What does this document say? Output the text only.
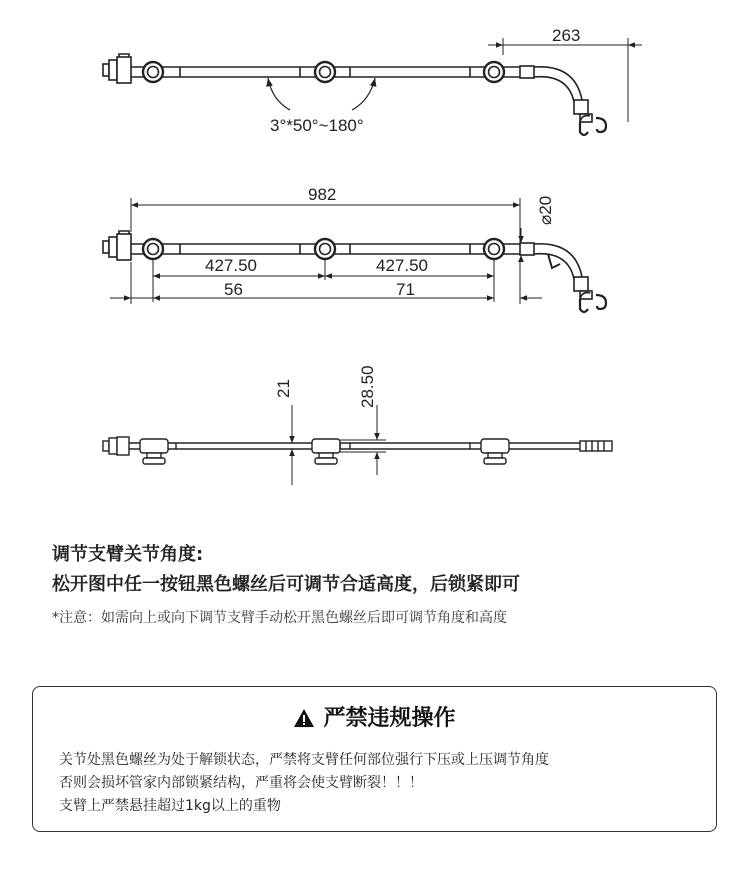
3°*50°~180°
263
982
⌀20
427.50	427.50
56	71
21	28.50
调节支臂关节角度:
松开图中任一按钮黑色螺丝后可调节合适高度，后锁紧即可
*注意：如需向上或向下调节支臂手动松开黑色螺丝后即可调节角度和高度
严禁违规操作
关节处黑色螺丝为处于解锁状态，严禁将支臂任何部位强行下压或上压调节角度
否则会损坏管家内部锁紧结构，严重将会使支臂断裂！！！
支臂上严禁悬挂超过1kg以上的重物
